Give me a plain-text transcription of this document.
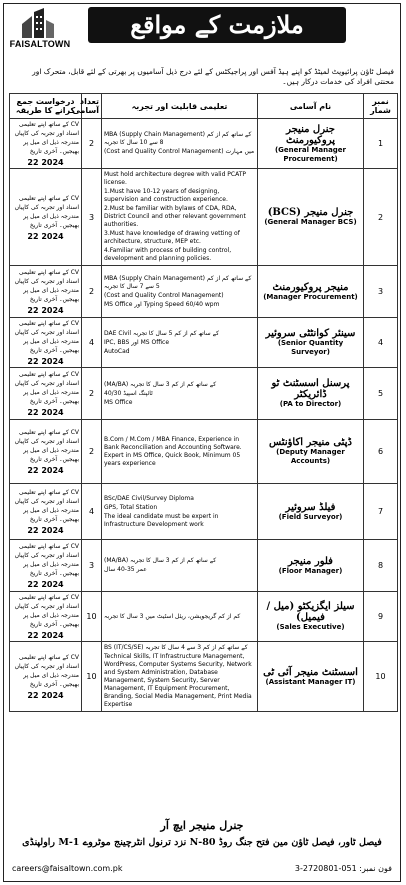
FAISALTOWN
ملازمت کے مواقع
فیصل ٹاؤن پرائیویٹ لمیٹڈ کو اپنے ہیڈ آفس اور پراجیکٹس کے لئے درج ذیل آسامیوں پر بھرتی کے لئے قابل، متحرک اور محنتی افراد کی خدمات درکار ہیں۔
درخواست جمع کرانے کا طریقہ	تعداد آسامی	تعلیمی قابلیت اور تجربہ	نام آسامی	نمبر شمار
CV کے ساتھ اپنے تعلیمی اسناد اور تجربہ کی کاپیاں مندرجہ ذیل ای میل پر بھیجیں۔ آخری تاریخ
22 2024	2	MBA (Supply Chain Management) کے ساتھ کم از کم 8 سے 10 سال کا تجربہ
(Cost and Quality Control Management) میں مہارت	جنرل منیجر پروکیورمنٹ
(General Manager Procurement)	1
CV کے ساتھ اپنے تعلیمی اسناد اور تجربہ کی کاپیاں مندرجہ ذیل ای میل پر بھیجیں۔ آخری تاریخ
22 2024	3	Must hold architecture degree with valid PCATP license.
1.Must have 10-12 years of designing, supervision and construction experience.
2.Must be familiar with bylaws of CDA, RDA, District Council and other relevant government authorities.
3.Must have knowledge of drawing vetting of architecture, structure, MEP etc.
4.Familiar with process of building control, development and planning policies.	جنرل منیجر (BCS)
(General Manager BCS)	2
CV کے ساتھ اپنے تعلیمی اسناد اور تجربہ کی کاپیاں مندرجہ ذیل ای میل پر بھیجیں۔ آخری تاریخ
22 2024	2	MBA (Supply Chain Management) کے ساتھ کم از کم 5 سے 7 سال کا تجربہ
(Cost and Quality Control Management)
MS Office اور Typing Speed 60/40 wpm	منیجر پروکیورمنٹ
(Manager Procurement)	3
CV کے ساتھ اپنے تعلیمی اسناد اور تجربہ کی کاپیاں مندرجہ ذیل ای میل پر بھیجیں۔ آخری تاریخ
22 2024	4	DAE Civil کے ساتھ کم از کم 5 سال کا تجربہ
IPC, BBS اور MS Office
AutoCad	سینئر کوانٹٹی سروئیر
(Senior Quantity Surveyor)	4
CV کے ساتھ اپنے تعلیمی اسناد اور تجربہ کی کاپیاں مندرجہ ذیل ای میل پر بھیجیں۔ آخری تاریخ
22 2024	2	(MA/BA) کے ساتھ کم از کم 3 سال کا تجربہ
40/30 ٹائپنگ اسپیڈ
MS Office	پرسنل اسسٹنٹ ٹو ڈائریکٹر
(PA to Director)	5
CV کے ساتھ اپنے تعلیمی اسناد اور تجربہ کی کاپیاں مندرجہ ذیل ای میل پر بھیجیں۔ آخری تاریخ
22 2024	2	B.Com / M.Com / MBA Finance, Experience in Bank Reconciliation and Accounting Software. Expert in MS Office, Quick Book, Minimum 05 years experience	ڈپٹی منیجر اکاؤنٹس
(Deputy Manager Accounts)	6
CV کے ساتھ اپنے تعلیمی اسناد اور تجربہ کی کاپیاں مندرجہ ذیل ای میل پر بھیجیں۔ آخری تاریخ
22 2024	4	BSc/DAE Civil/Survey Diploma
GPS, Total Station
The ideal candidate must be expert in Infrastructure Development work	فیلڈ سروئیر
(Field Surveyor)	7
CV کے ساتھ اپنے تعلیمی اسناد اور تجربہ کی کاپیاں مندرجہ ذیل ای میل پر بھیجیں۔ آخری تاریخ
22 2024	3	(MA/BA) کے ساتھ کم از کم 3 سال کا تجربہ
عمر 35-40 سال	فلور منیجر
(Floor Manager)	8
CV کے ساتھ اپنے تعلیمی اسناد اور تجربہ کی کاپیاں مندرجہ ذیل ای میل پر بھیجیں۔ آخری تاریخ
22 2024	10	کم از کم گریجویشن، ریئل اسٹیٹ میں 3 سال کا تجربہ	سیلز ایگزیکٹو (میل / فیمیل)
(Sales Executive)	9
CV کے ساتھ اپنے تعلیمی اسناد اور تجربہ کی کاپیاں مندرجہ ذیل ای میل پر بھیجیں۔ آخری تاریخ
22 2024	10	BS (IT/CS/SE) کے ساتھ کم از کم 3 سے 4 سال کا تجربہ
Technical Skills, IT Infrastructure Management, WordPress, Computer Systems Security, Network and System Administration, Database Management, System Security, Server Management, IT Equipment Procurement, Branding, Social Media Management, Print Media Expertise	اسسٹنٹ منیجر آئی ٹی
(Assistant Manager IT)	10
جنرل منیجر ایچ آر
فیصل ٹاور، فیصل ٹاؤن مین فتح جنگ روڈ N-80 نزد ترنول انٹرچینج موٹروے M-1 راولپنڈی
careers@faisaltown.com.pk	فون نمبر: 051-2720801-3
